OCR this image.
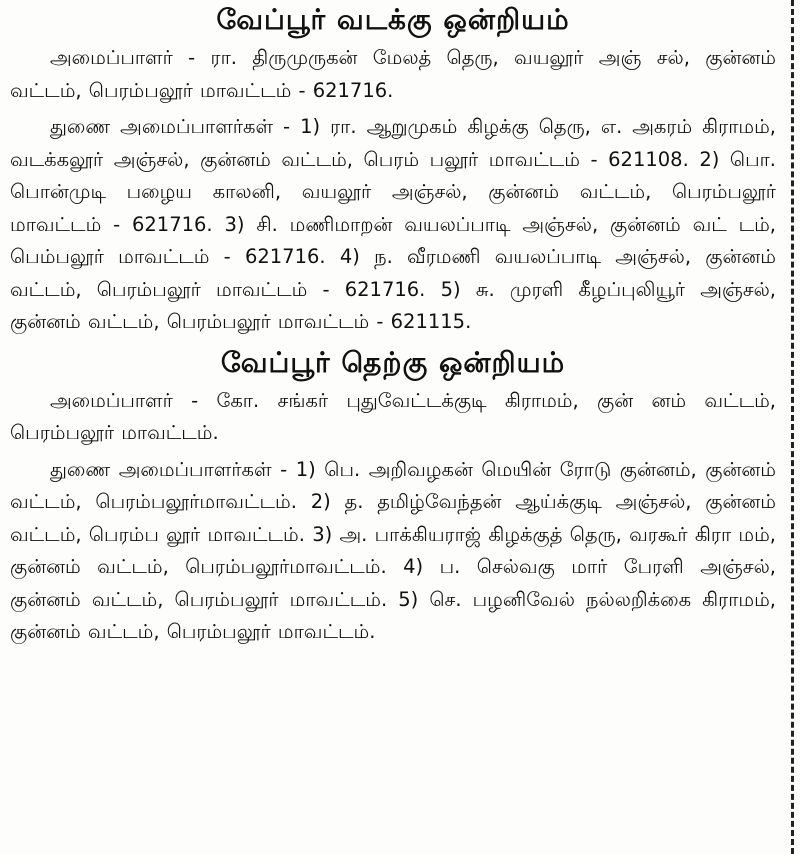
வேப்பூர் வடக்கு ஒன்றியம்

அமைப்பாளர் - ரா. திருமுருகன் மேலத் தெரு, வயலூர் அஞ் சல், குன்னம் வட்டம், பெரம்பலூர் மாவட்டம் - 621716.

துணை அமைப்பாளர்கள் - 1) ரா. ஆறுமுகம் கிழக்கு தெரு, எ. அகரம் கிராமம், வடக்கலூர் அஞ்சல், குன்னம் வட்டம், பெரம் பலூர் மாவட்டம் - 621108. 2) பொ. பொன்முடி பழைய காலனி, வயலூர் அஞ்சல், குன்னம் வட்டம், பெரம்பலூர் மாவட்டம் - 621716. 3) சி. மணிமாறன் வயலப்பாடி அஞ்சல், குன்னம் வட் டம், பெம்பலூர் மாவட்டம் - 621716. 4) ந. வீரமணி வயலப்பாடி அஞ்சல், குன்னம் வட்டம், பெரம்பலூர் மாவட்டம் - 621716. 5) சு. முரளி கீழப்புலியூர் அஞ்சல், குன்னம் வட்டம், பெரம்பலூர் மாவட்டம் - 621115.

வேப்பூர் தெற்கு ஒன்றியம்

அமைப்பாளர் - கோ. சங்கர் புதுவேட்டக்குடி கிராமம், குன் னம் வட்டம், பெரம்பலூர் மாவட்டம்.

துணை அமைப்பாளர்கள் - 1) பெ. அறிவழகன் மெயின் ரோடு குன்னம், குன்னம் வட்டம், பெரம்பலூர்மாவட்டம். 2) த. தமிழ்வேந்தன் ஆய்க்குடி அஞ்சல், குன்னம் வட்டம், பெரம்ப லூர் மாவட்டம். 3) அ. பாக்கியராஜ் கிழக்குத் தெரு, வரகூர் கிரா மம், குன்னம் வட்டம், பெரம்பலூர்மாவட்டம். 4) ப. செல்வகு மார் பேரளி அஞ்சல், குன்னம் வட்டம், பெரம்பலூர் மாவட்டம். 5) செ. பழனிவேல் நல்லறிக்கை கிராமம், குன்னம் வட்டம், பெரம்பலூர் மாவட்டம்.
